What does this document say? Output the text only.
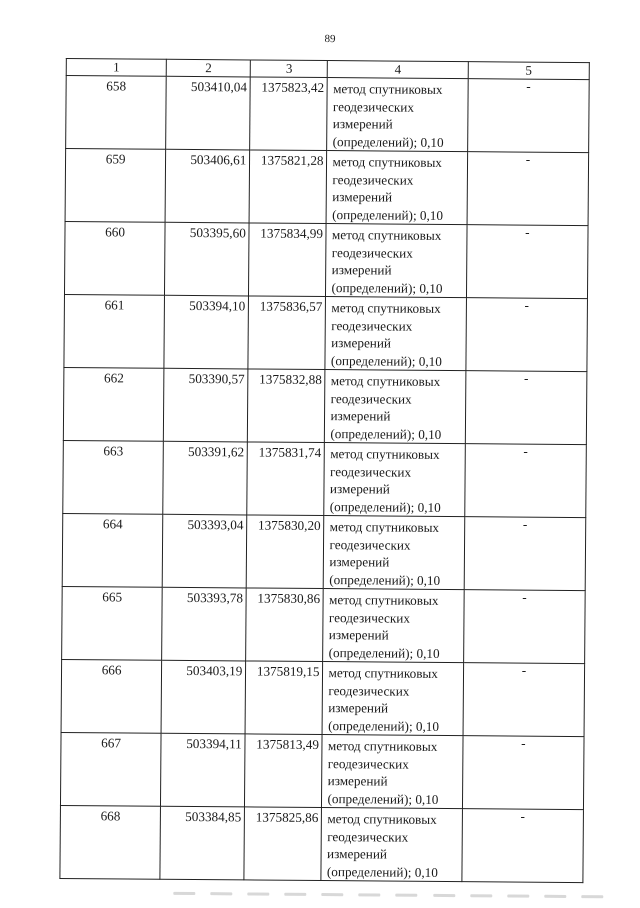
89
1	2	3	4	5
658	503410,04	1375823,42	метод спутниковых
геодезических
измерений
(определений); 0,10	-
659	503406,61	1375821,28	метод спутниковых
геодезических
измерений
(определений); 0,10	-
660	503395,60	1375834,99	метод спутниковых
геодезических
измерений
(определений); 0,10	-
661	503394,10	1375836,57	метод спутниковых
геодезических
измерений
(определений); 0,10	-
662	503390,57	1375832,88	метод спутниковых
геодезических
измерений
(определений); 0,10	-
663	503391,62	1375831,74	метод спутниковых
геодезических
измерений
(определений); 0,10	-
664	503393,04	1375830,20	метод спутниковых
геодезических
измерений
(определений); 0,10	-
665	503393,78	1375830,86	метод спутниковых
геодезических
измерений
(определений); 0,10	-
666	503403,19	1375819,15	метод спутниковых
геодезических
измерений
(определений); 0,10	-
667	503394,11	1375813,49	метод спутниковых
геодезических
измерений
(определений); 0,10	-
668	503384,85	1375825,86	метод спутниковых
геодезических
измерений
(определений); 0,10	-
